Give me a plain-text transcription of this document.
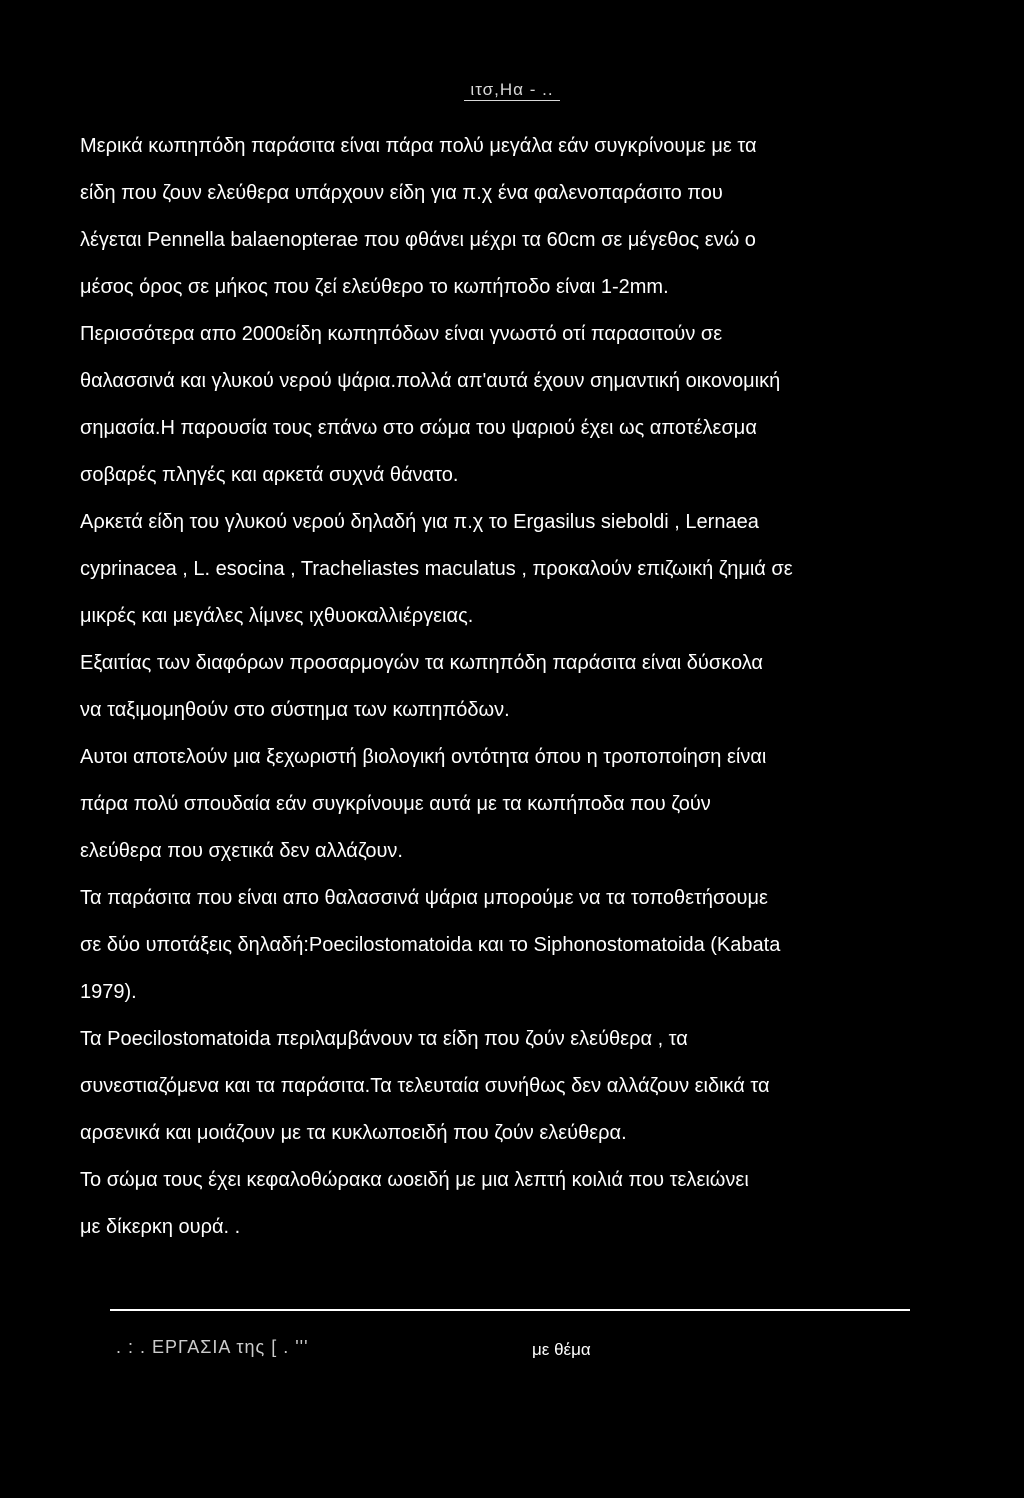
ιτσ,Ηα - ..
Μερικά κωπηπόδη παράσιτα είναι πάρα πολύ μεγάλα εάν συγκρίνουμε με τα
είδη που ζουν ελεύθερα υπάρχουν είδη για π.χ ένα φαλενοπαράσιτο που
λέγεται Pennella balaenopterae που φθάνει μέχρι τα 60cm σε μέγεθος ενώ ο
μέσος όρος σε μήκος που ζεί ελεύθερο το κωπήποδο είναι 1-2mm.
Περισσότερα απο 2000είδη κωπηπόδων είναι γνωστό οτί παρασιτούν σε
θαλασσινά και γλυκού νερού ψάρια.πολλά απ'αυτά έχουν σημαντική οικονομική
σημασία.Η παρουσία τους επάνω στο σώμα του ψαριού έχει ως αποτέλεσμα
σοβαρές πληγές και αρκετά συχνά θάνατο.
Αρκετά είδη του γλυκού νερού δηλαδή για π.χ το Ergasilus sieboldi , Lernaea
cyprinacea , L. esocina , Tracheliastes maculatus , προκαλούν επιζωική ζημιά σε
μικρές και μεγάλες λίμνες ιχθυοκαλλιέργειας.
Εξαιτίας των διαφόρων προσαρμογών τα κωπηπόδη παράσιτα είναι δύσκολα
να ταξιμομηθούν στο σύστημα των κωπηπόδων.
Αυτοι αποτελούν μια ξεχωριστή βιολογική οντότητα όπου η τροποποίηση είναι
πάρα πολύ σπουδαία εάν συγκρίνουμε αυτά με τα κωπήποδα που ζούν
ελεύθερα που σχετικά δεν αλλάζουν.
Τα παράσιτα που είναι απο θαλασσινά ψάρια μπορούμε να τα τοποθετήσουμε
σε δύο υποτάξεις δηλαδή:Poecilostomatoida και το Siphonostomatoida (Kabata
1979).
Τα Poecilostomatoida περιλαμβάνουν τα είδη που ζούν ελεύθερα , τα
συνεστιαζόμενα και τα παράσιτα.Τα τελευταία συνήθως δεν αλλάζουν ειδικά τα
αρσενικά και μοιάζουν με τα κυκλωποειδή που ζούν ελεύθερα.
Το σώμα τους έχει κεφαλοθώρακα ωοειδή με μια λεπτή κοιλιά που τελειώνει
με δίκερκη ουρά. .
. : . ΕΡΓΑΣΙΑ της [ . '''	με θέμα
